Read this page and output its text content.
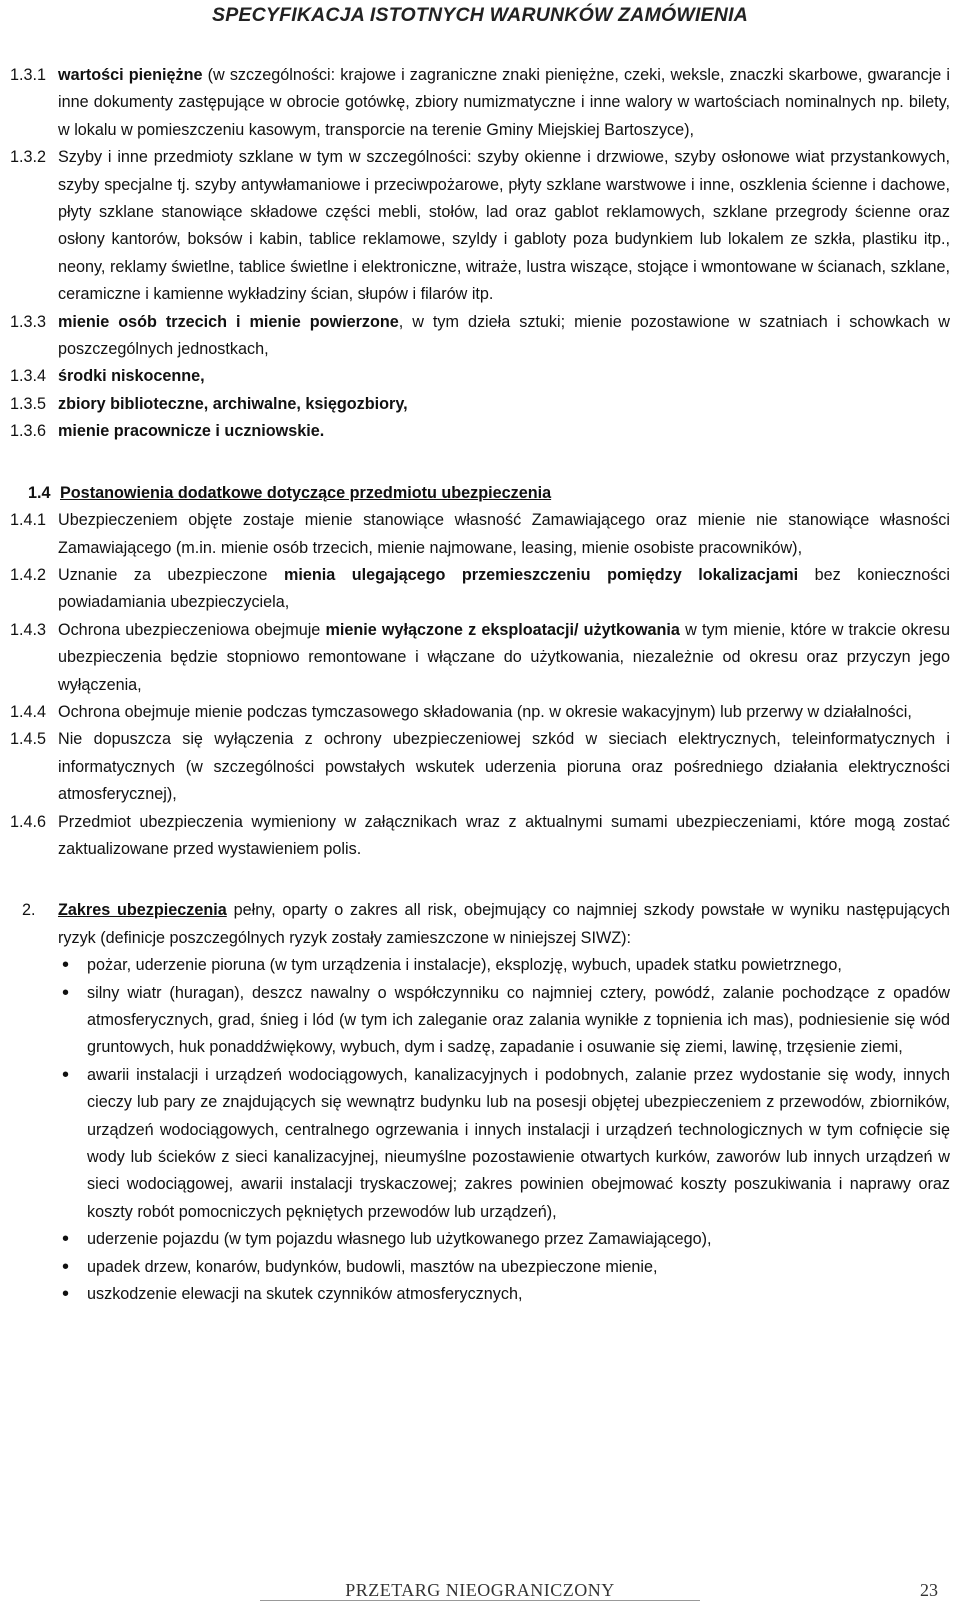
SPECYFIKACJA ISTOTNYCH WARUNKÓW ZAMÓWIENIA
1.3.1 wartości pieniężne (w szczególności: krajowe i zagraniczne znaki pieniężne, czeki, weksle, znaczki skarbowe, gwarancje i inne dokumenty zastępujące w obrocie gotówkę, zbiory numizmatyczne i inne walory w wartościach nominalnych np. bilety, w lokalu w pomieszczeniu kasowym, transporcie na terenie Gminy Miejskiej Bartoszyce),
1.3.2 Szyby i inne przedmioty szklane w tym w szczególności: szyby okienne i drzwiowe, szyby osłonowe wiat przystankowych, szyby specjalne tj. szyby antywłamaniowe i przeciwpożarowe, płyty szklane warstwowe i inne, oszklenia ścienne i dachowe, płyty szklane stanowiące składowe części mebli, stołów, lad oraz gablot reklamowych, szklane przegrody ścienne oraz osłony kantorów, boksów i kabin, tablice reklamowe, szyldy i gabloty poza budynkiem lub lokalem ze szkła, plastiku itp., neony, reklamy świetlne, tablice świetlne i elektroniczne, witraże, lustra wiszące, stojące i wmontowane w ścianach, szklane, ceramiczne i kamienne wykładziny ścian, słupów i filarów itp.
1.3.3 mienie osób trzecich i mienie powierzone, w tym dzieła sztuki; mienie pozostawione w szatniach i schowkach w poszczególnych jednostkach,
1.3.4 środki niskocenne,
1.3.5 zbiory biblioteczne, archiwalne, księgozbiory,
1.3.6 mienie pracownicze i uczniowskie.
1.4 Postanowienia dodatkowe dotyczące przedmiotu ubezpieczenia
1.4.1 Ubezpieczeniem objęte zostaje mienie stanowiące własność Zamawiającego oraz mienie nie stanowiące własności Zamawiającego (m.in. mienie osób trzecich, mienie najmowane, leasing, mienie osobiste pracowników),
1.4.2 Uznanie za ubezpieczone mienia ulegającego przemieszczeniu pomiędzy lokalizacjami bez konieczności powiadamiania ubezpieczyciela,
1.4.3 Ochrona ubezpieczeniowa obejmuje mienie wyłączone z eksploatacji/ użytkowania w tym mienie, które w trakcie okresu ubezpieczenia będzie stopniowo remontowane i włączane do użytkowania, niezależnie od okresu oraz przyczyn jego wyłączenia,
1.4.4 Ochrona obejmuje mienie podczas tymczasowego składowania (np. w okresie wakacyjnym) lub przerwy w działalności,
1.4.5 Nie dopuszcza się wyłączenia z ochrony ubezpieczeniowej szkód w sieciach elektrycznych, teleinformatycznych i informatycznych (w szczególności powstałych wskutek uderzenia pioruna oraz pośredniego działania elektryczności atmosferycznej),
1.4.6 Przedmiot ubezpieczenia wymieniony w załącznikach wraz z aktualnymi sumami ubezpieczeniami, które mogą zostać zaktualizowane przed wystawieniem polis.
2.	Zakres ubezpieczenia pełny, oparty o zakres all risk, obejmujący co najmniej szkody powstałe w wyniku następujących ryzyk (definicje poszczególnych ryzyk zostały zamieszczone w niniejszej SIWZ):
•	pożar, uderzenie pioruna (w tym urządzenia i instalacje), eksplozję, wybuch, upadek statku powietrznego,
•	silny wiatr (huragan), deszcz nawalny o współczynniku co najmniej cztery, powódź, zalanie pochodzące z opadów atmosferycznych, grad, śnieg i lód (w tym ich zaleganie oraz zalania wynikłe z topnienia ich mas), podniesienie się wód gruntowych, huk ponaddźwiękowy, wybuch, dym i sadzę, zapadanie i osuwanie się ziemi, lawinę, trzęsienie ziemi,
•	awarii instalacji i urządzeń wodociągowych, kanalizacyjnych i podobnych, zalanie przez wydostanie się wody, innych cieczy lub pary ze znajdujących się wewnątrz budynku lub na posesji objętej ubezpieczeniem z przewodów, zbiorników, urządzeń wodociągowych, centralnego ogrzewania i innych instalacji i urządzeń technologicznych w tym cofnięcie się wody lub ścieków z sieci kanalizacyjnej, nieumyślne pozostawienie otwartych kurków, zaworów lub innych urządzeń w sieci wodociągowej, awarii instalacji tryskaczowej; zakres powinien obejmować koszty poszukiwania i naprawy oraz koszty robót pomocniczych pękniętych przewodów lub urządzeń),
•	uderzenie pojazdu (w tym pojazdu własnego lub użytkowanego przez Zamawiającego),
•	upadek drzew, konarów, budynków, budowli, masztów na ubezpieczone mienie,
•	uszkodzenie elewacji na skutek czynników atmosferycznych,
PRZETARG NIEOGRANICZONY	23
